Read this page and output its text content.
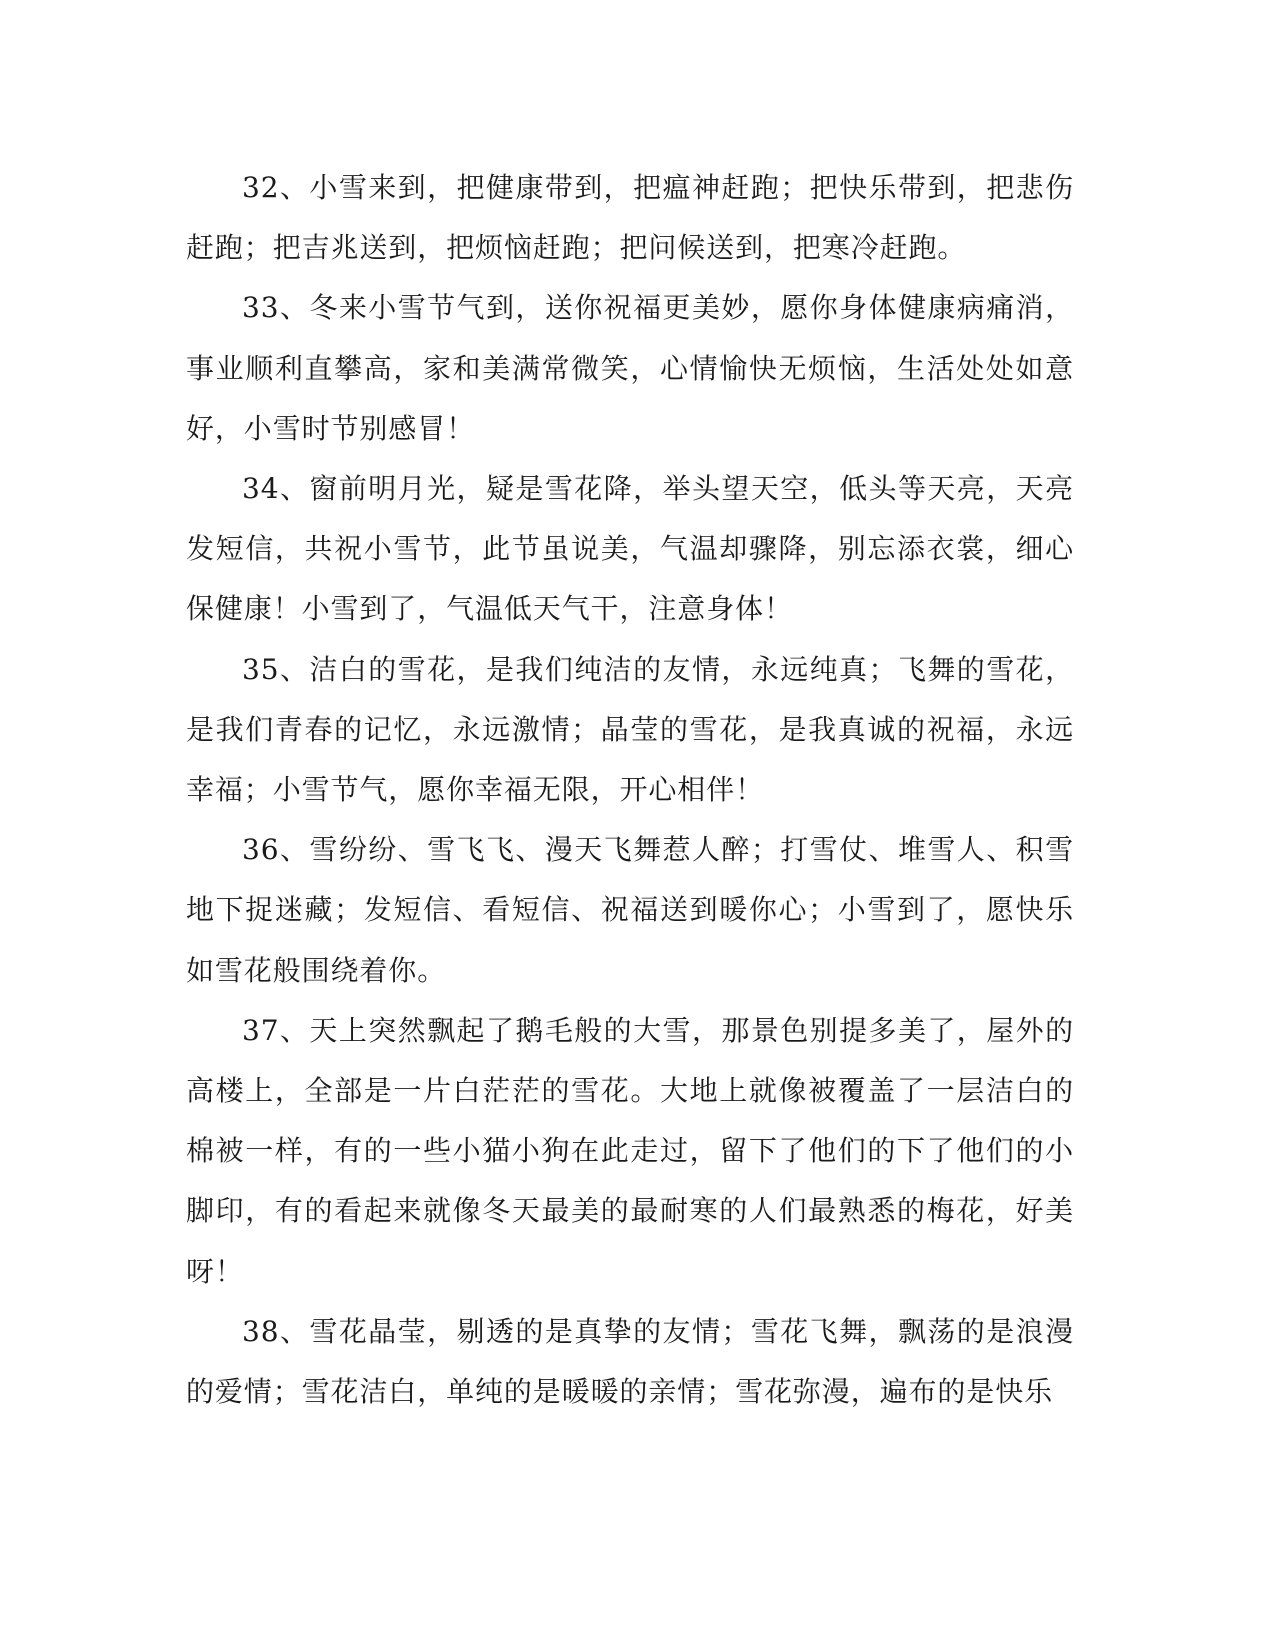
32、小雪来到，把健康带到，把瘟神赶跑；把快乐带到，把悲伤赶跑；把吉兆送到，把烦恼赶跑；把问候送到，把寒冷赶跑。

33、冬来小雪节气到，送你祝福更美妙，愿你身体健康病痛消，事业顺利直攀高，家和美满常微笑，心情愉快无烦恼，生活处处如意好，小雪时节别感冒！

34、窗前明月光，疑是雪花降，举头望天空，低头等天亮，天亮发短信，共祝小雪节，此节虽说美，气温却骤降，别忘添衣裳，细心保健康！小雪到了，气温低天气干，注意身体！

35、洁白的雪花，是我们纯洁的友情，永远纯真；飞舞的雪花，是我们青春的记忆，永远激情；晶莹的雪花，是我真诚的祝福，永远幸福；小雪节气，愿你幸福无限，开心相伴！

36、雪纷纷、雪飞飞、漫天飞舞惹人醉；打雪仗、堆雪人、积雪地下捉迷藏；发短信、看短信、祝福送到暖你心；小雪到了，愿快乐如雪花般围绕着你。

37、天上突然飘起了鹅毛般的大雪，那景色别提多美了，屋外的高楼上，全部是一片白茫茫的雪花。大地上就像被覆盖了一层洁白的棉被一样，有的一些小猫小狗在此走过，留下了他们的下了他们的小脚印，有的看起来就像冬天最美的最耐寒的人们最熟悉的梅花，好美呀！

38、雪花晶莹，剔透的是真挚的友情；雪花飞舞，飘荡的是浪漫的爱情；雪花洁白，单纯的是暖暖的亲情；雪花弥漫，遍布的是快乐
